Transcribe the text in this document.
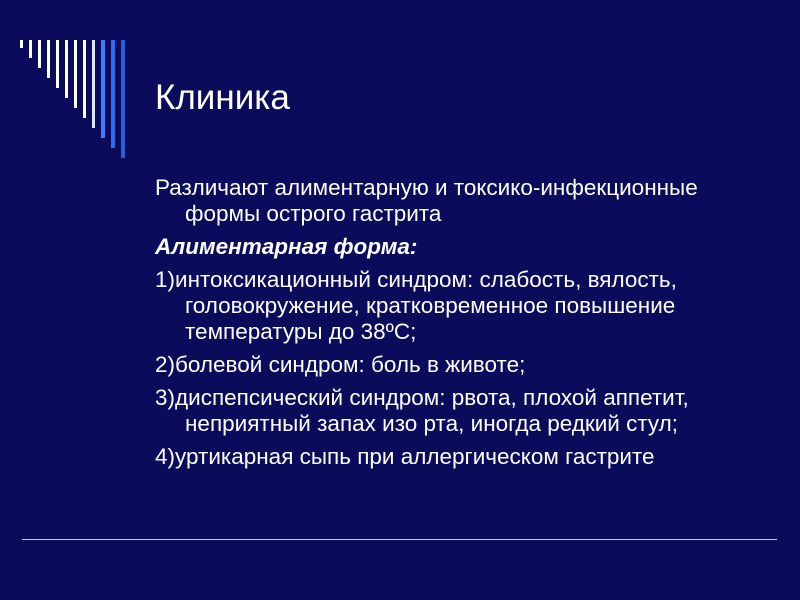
Клиника

Различают алиментарную и токсико-инфекционные формы острого гастрита

Алиментарная форма:

1)интоксикационный синдром: слабость, вялость, головокружение, кратковременное повышение температуры до 38ºС;

2)болевой синдром: боль в животе;

3)диспепсический синдром: рвота, плохой аппетит, неприятный запах изо рта, иногда редкий стул;

4)уртикарная сыпь при аллергическом гастрите
